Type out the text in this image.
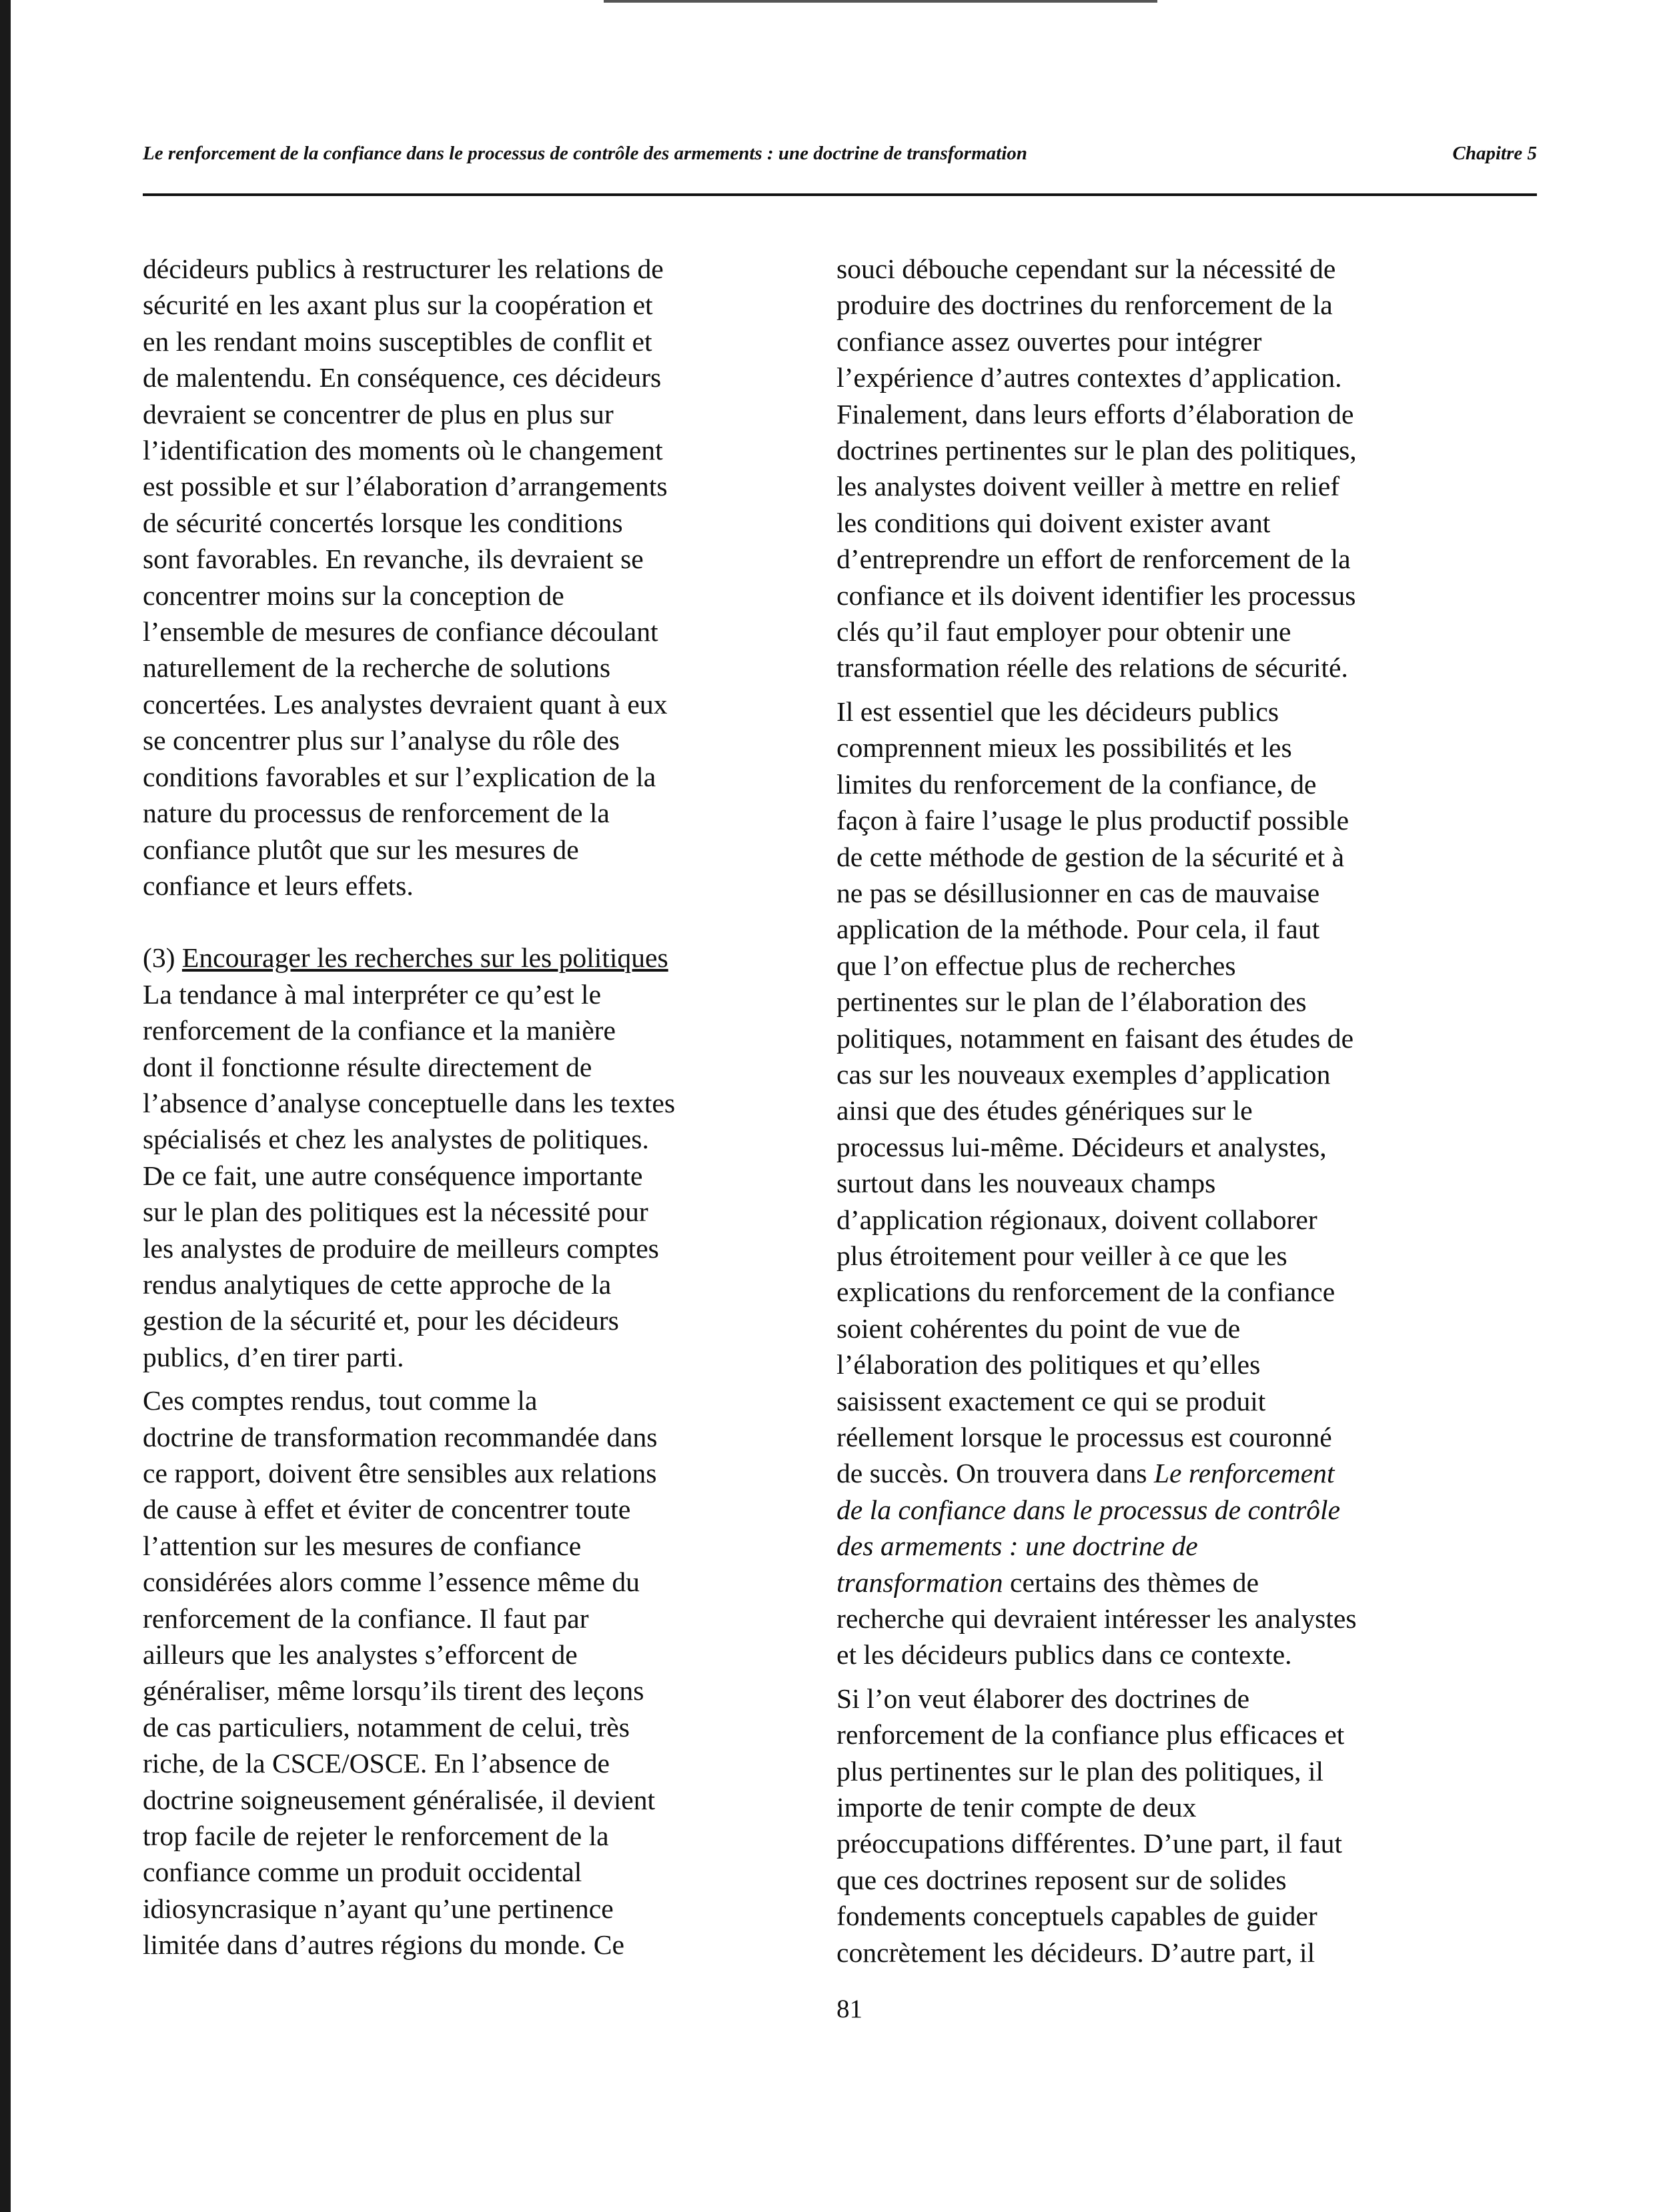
Le renforcement de la confiance dans le processus de contrôle des armements : une doctrine de transformation	Chapitre 5

décideurs publics à restructurer les relations de
sécurité en les axant plus sur la coopération et
en les rendant moins susceptibles de conflit et
de malentendu. En conséquence, ces décideurs
devraient se concentrer de plus en plus sur
l’identification des moments où le changement
est possible et sur l’élaboration d’arrangements
de sécurité concertés lorsque les conditions
sont favorables. En revanche, ils devraient se
concentrer moins sur la conception de
l’ensemble de mesures de confiance découlant
naturellement de la recherche de solutions
concertées. Les analystes devraient quant à eux
se concentrer plus sur l’analyse du rôle des
conditions favorables et sur l’explication de la
nature du processus de renforcement de la
confiance plutôt que sur les mesures de
confiance et leurs effets.

(3) Encourager les recherches sur les politiques

La tendance à mal interpréter ce qu’est le
renforcement de la confiance et la manière
dont il fonctionne résulte directement de
l’absence d’analyse conceptuelle dans les textes
spécialisés et chez les analystes de politiques.
De ce fait, une autre conséquence importante
sur le plan des politiques est la nécessité pour
les analystes de produire de meilleurs comptes
rendus analytiques de cette approche de la
gestion de la sécurité et, pour les décideurs
publics, d’en tirer parti.

Ces comptes rendus, tout comme la
doctrine de transformation recommandée dans
ce rapport, doivent être sensibles aux relations
de cause à effet et éviter de concentrer toute
l’attention sur les mesures de confiance
considérées alors comme l’essence même du
renforcement de la confiance. Il faut par
ailleurs que les analystes s’efforcent de
généraliser, même lorsqu’ils tirent des leçons
de cas particuliers, notamment de celui, très
riche, de la CSCE/OSCE. En l’absence de
doctrine soigneusement généralisée, il devient
trop facile de rejeter le renforcement de la
confiance comme un produit occidental
idiosyncrasique n’ayant qu’une pertinence
limitée dans d’autres régions du monde. Ce

souci débouche cependant sur la nécessité de
produire des doctrines du renforcement de la
confiance assez ouvertes pour intégrer
l’expérience d’autres contextes d’application.
Finalement, dans leurs efforts d’élaboration de
doctrines pertinentes sur le plan des politiques,
les analystes doivent veiller à mettre en relief
les conditions qui doivent exister avant
d’entreprendre un effort de renforcement de la
confiance et ils doivent identifier les processus
clés qu’il faut employer pour obtenir une
transformation réelle des relations de sécurité.

Il est essentiel que les décideurs publics
comprennent mieux les possibilités et les
limites du renforcement de la confiance, de
façon à faire l’usage le plus productif possible
de cette méthode de gestion de la sécurité et à
ne pas se désillusionner en cas de mauvaise
application de la méthode. Pour cela, il faut
que l’on effectue plus de recherches
pertinentes sur le plan de l’élaboration des
politiques, notamment en faisant des études de
cas sur les nouveaux exemples d’application
ainsi que des études génériques sur le
processus lui-même. Décideurs et analystes,
surtout dans les nouveaux champs
d’application régionaux, doivent collaborer
plus étroitement pour veiller à ce que les
explications du renforcement de la confiance
soient cohérentes du point de vue de
l’élaboration des politiques et qu’elles
saisissent exactement ce qui se produit
réellement lorsque le processus est couronné
de succès. On trouvera dans Le renforcement
de la confiance dans le processus de contrôle
des armements : une doctrine de
transformation certains des thèmes de
recherche qui devraient intéresser les analystes
et les décideurs publics dans ce contexte.

Si l’on veut élaborer des doctrines de
renforcement de la confiance plus efficaces et
plus pertinentes sur le plan des politiques, il
importe de tenir compte de deux
préoccupations différentes. D’une part, il faut
que ces doctrines reposent sur de solides
fondements conceptuels capables de guider
concrètement les décideurs. D’autre part, il

81
